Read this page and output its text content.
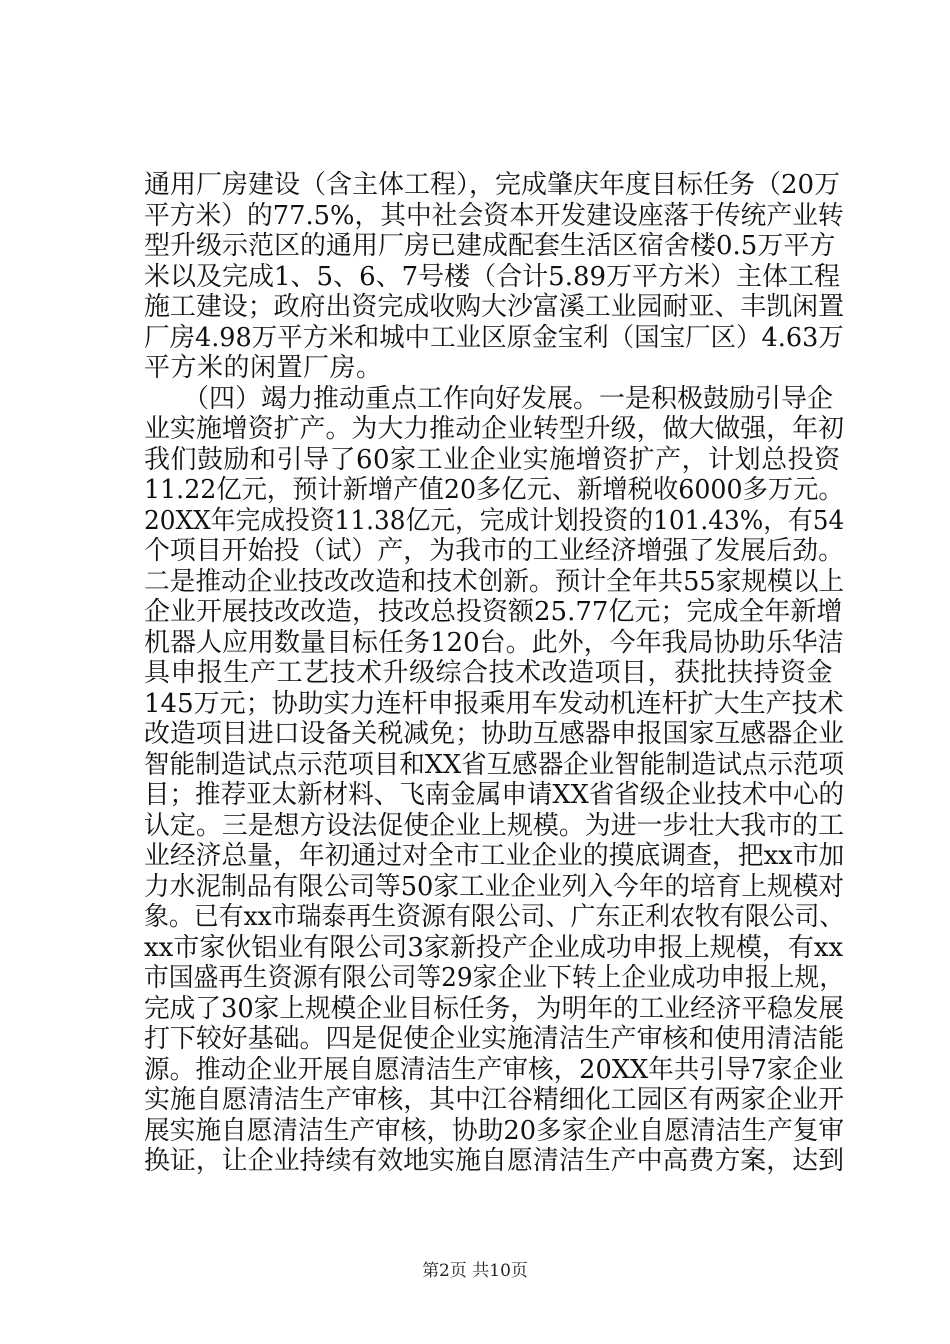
通用厂房建设（含主体工程），完成肇庆年度目标任务（20万
平方米）的77.5%，其中社会资本开发建设座落于传统产业转
型升级示范区的通用厂房已建成配套生活区宿舍楼0.5万平方
米以及完成1、5、6、7号楼（合计5.89万平方米）主体工程
施工建设；政府出资完成收购大沙富溪工业园耐亚、丰凯闲置
厂房4.98万平方米和城中工业区原金宝利（国宝厂区）4.63万
平方米的闲置厂房。
　　（四）竭力推动重点工作向好发展。一是积极鼓励引导企
业实施增资扩产。为大力推动企业转型升级，做大做强，年初
我们鼓励和引导了60家工业企业实施增资扩产，计划总投资
11.22亿元，预计新增产值20多亿元、新增税收6000多万元。
20XX年完成投资11.38亿元，完成计划投资的101.43%，有54
个项目开始投（试）产，为我市的工业经济增强了发展后劲。
二是推动企业技改改造和技术创新。预计全年共55家规模以上
企业开展技改改造，技改总投资额25.77亿元；完成全年新增
机器人应用数量目标任务120台。此外，今年我局协助乐华洁
具申报生产工艺技术升级综合技术改造项目，获批扶持资金
145万元；协助实力连杆申报乘用车发动机连杆扩大生产技术
改造项目进口设备关税减免；协助互感器申报国家互感器企业
智能制造试点示范项目和XX省互感器企业智能制造试点示范项
目；推荐亚太新材料、飞南金属申请XX省省级企业技术中心的
认定。三是想方设法促使企业上规模。为进一步壮大我市的工
业经济总量，年初通过对全市工业企业的摸底调查，把xx市加
力水泥制品有限公司等50家工业企业列入今年的培育上规模对
象。已有xx市瑞泰再生资源有限公司、广东正利农牧有限公司、
xx市家伙铝业有限公司3家新投产企业成功申报上规模，有xx
市国盛再生资源有限公司等29家企业下转上企业成功申报上规，
完成了30家上规模企业目标任务，为明年的工业经济平稳发展
打下较好基础。四是促使企业实施清洁生产审核和使用清洁能
源。推动企业开展自愿清洁生产审核，20XX年共引导7家企业
实施自愿清洁生产审核，其中江谷精细化工园区有两家企业开
展实施自愿清洁生产审核，协助20多家企业自愿清洁生产复审
换证，让企业持续有效地实施自愿清洁生产中高费方案，达到
第2页 共10页
